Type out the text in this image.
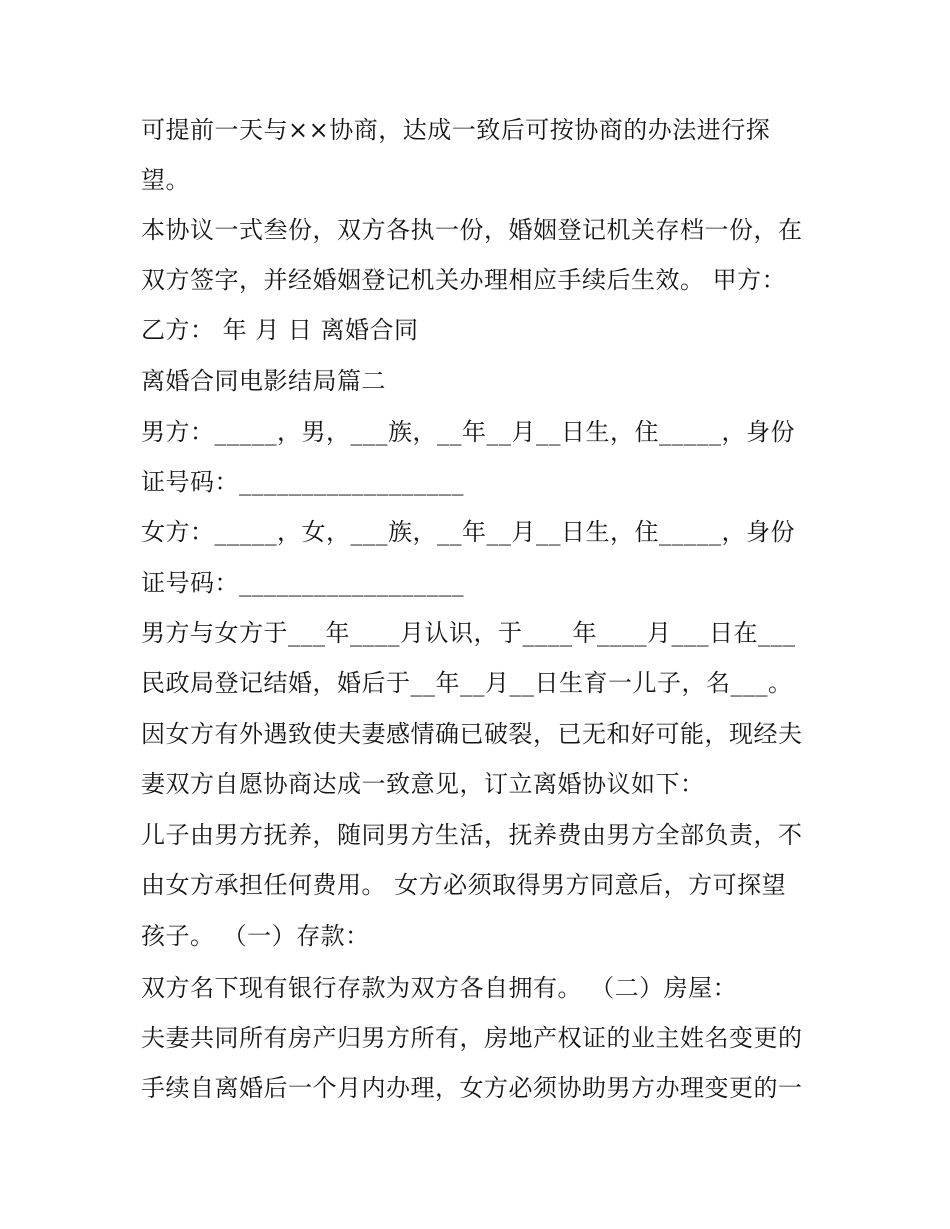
可提前一天与××协商，达成一致后可按协商的办法进行探
望。
本协议一式叁份，双方各执一份，婚姻登记机关存档一份，在
双方签字，并经婚姻登记机关办理相应手续后生效。 甲方：
乙方： 年 月 日 离婚合同
离婚合同电影结局篇二
男方：_____，男，___族，__年__月__日生，住_____，身份
证号码：__________________
女方：_____，女，___族，__年__月__日生，住_____，身份
证号码：__________________
男方与女方于___年____月认识，于____年____月___日在___
民政局登记结婚，婚后于__年__月__日生育一儿子，名___。
因女方有外遇致使夫妻感情确已破裂，已无和好可能，现经夫
妻双方自愿协商达成一致意见，订立离婚协议如下：
儿子由男方抚养，随同男方生活，抚养费由男方全部负责，不
由女方承担任何费用。 女方必须取得男方同意后，方可探望
孩子。 （一）存款：
双方名下现有银行存款为双方各自拥有。 （二）房屋：
夫妻共同所有房产归男方所有，房地产权证的业主姓名变更的
手续自离婚后一个月内办理，女方必须协助男方办理变更的一
